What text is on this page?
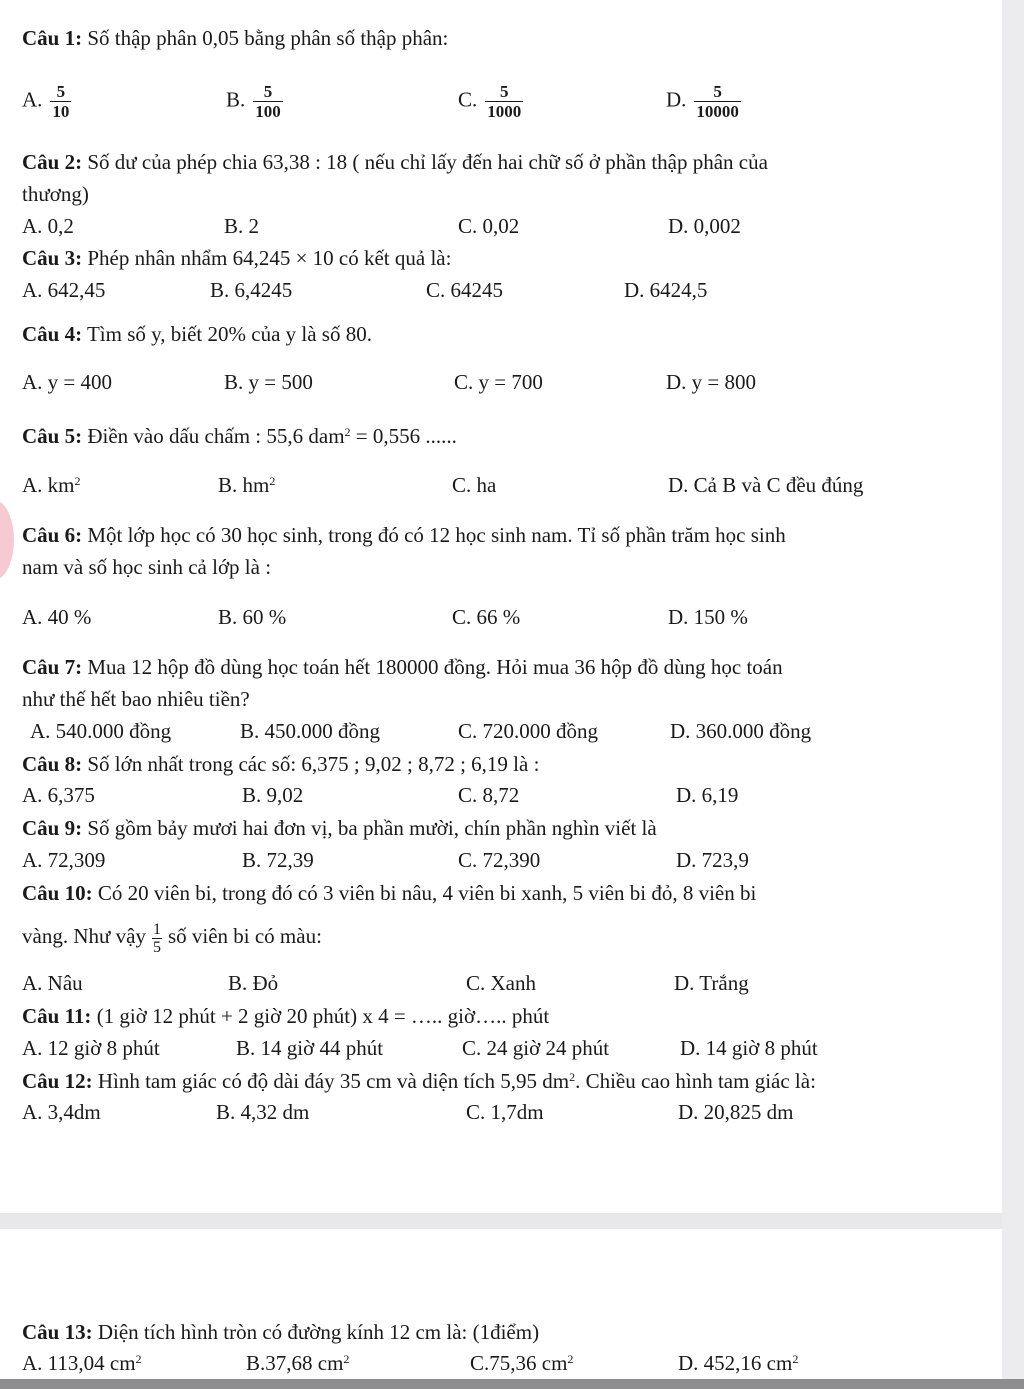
Câu 1: Số thập phân 0,05 bằng phân số thập phân:
A. $\frac{5}{10}$	B. $\frac{5}{100}$	C. $\frac{5}{1000}$	D. $\frac{5}{10000}$
Câu 2: Số dư của phép chia 63,38 : 18 ( nếu chỉ lấy đến hai chữ số ở phần thập phân của
thương)
A. 0,2	B. 2	C. 0,02	D. 0,002
Câu 3: Phép nhân nhẩm 64,245 × 10 có kết quả là:
A. 642,45	B. 6,4245	C. 64245	D. 6424,5
Câu 4: Tìm số y, biết 20% của y là số 80.
A. y = 400	B. y = 500	C. y = 700	D. y = 800
Câu 5: Điền vào dấu chấm : 55,6 dam$^2$ = 0,556 ......
A. $km^2$	B. $hm^2$	C. ha	D. Cả B và C đều đúng
Câu 6: Một lớp học có 30 học sinh, trong đó có 12 học sinh nam. Tỉ số phần trăm học sinh
nam và số học sinh cả lớp là :
A. 40 %	B. 60 %	C. 66 %	D. 150 %
Câu 7: Mua 12 hộp đồ dùng học toán hết 180000 đồng. Hỏi mua 36 hộp đồ dùng học toán
như thế hết bao nhiêu tiền?
A. 540.000 đồng	B. 450.000 đồng	C. 720.000 đồng	D. 360.000 đồng
Câu 8: Số lớn nhất trong các số: 6,375 ; 9,02 ; 8,72 ; 6,19 là :
A. 6,375	B. 9,02	C. 8,72	D. 6,19
Câu 9: Số gồm bảy mươi hai đơn vị, ba phần mười, chín phần nghìn viết là
A. 72,309	B. 72,39	C. 72,390	D. 723,9
Câu 10: Có 20 viên bi, trong đó có 3 viên bi nâu, 4 viên bi xanh, 5 viên bi đỏ, 8 viên bi
vàng. Như vậy $\frac{1}{5}$ số viên bi có màu:
A. Nâu	B. Đỏ	C. Xanh	D. Trắng
Câu 11: (1 giờ 12 phút + 2 giờ 20 phút) x 4 = ….. giờ….. phút
A. 12 giờ 8 phút	B. 14 giờ 44 phút	C. 24 giờ 24 phút	D. 14 giờ 8 phút
Câu 12: Hình tam giác có độ dài đáy 35 cm và diện tích 5,95 $dm^2$. Chiều cao hình tam giác là:
A. 3,4dm	B. 4,32 dm	C. 1,7dm	D. 20,825 dm
Câu 13: Diện tích hình tròn có đường kính 12 cm là: (1điểm)
A. 113,04 $cm^2$	B.37,68 $cm^2$	C.75,36 $cm^2$	D. 452,16 $cm^2$
